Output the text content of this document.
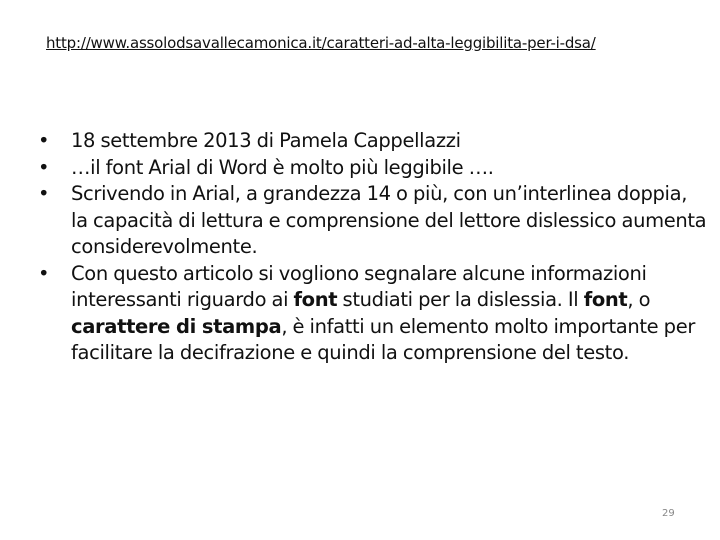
http://www.assolodsavallecamonica.it/caratteri-ad-alta-leggibilita-per-i-dsa/
•	18 settembre 2013 di Pamela Cappellazzi
•	…il font Arial di Word è molto più leggibile ….
•	Scrivendo in Arial, a grandezza 14 o più, con un’interlinea doppia, la capacità di lettura e comprensione del lettore dislessico aumenta considerevolmente.
•	Con questo articolo si vogliono segnalare alcune informazioni interessanti riguardo ai font studiati per la dislessia. Il font, o carattere di stampa, è infatti un elemento molto importante per facilitare la decifrazione e quindi la comprensione del testo.
29
